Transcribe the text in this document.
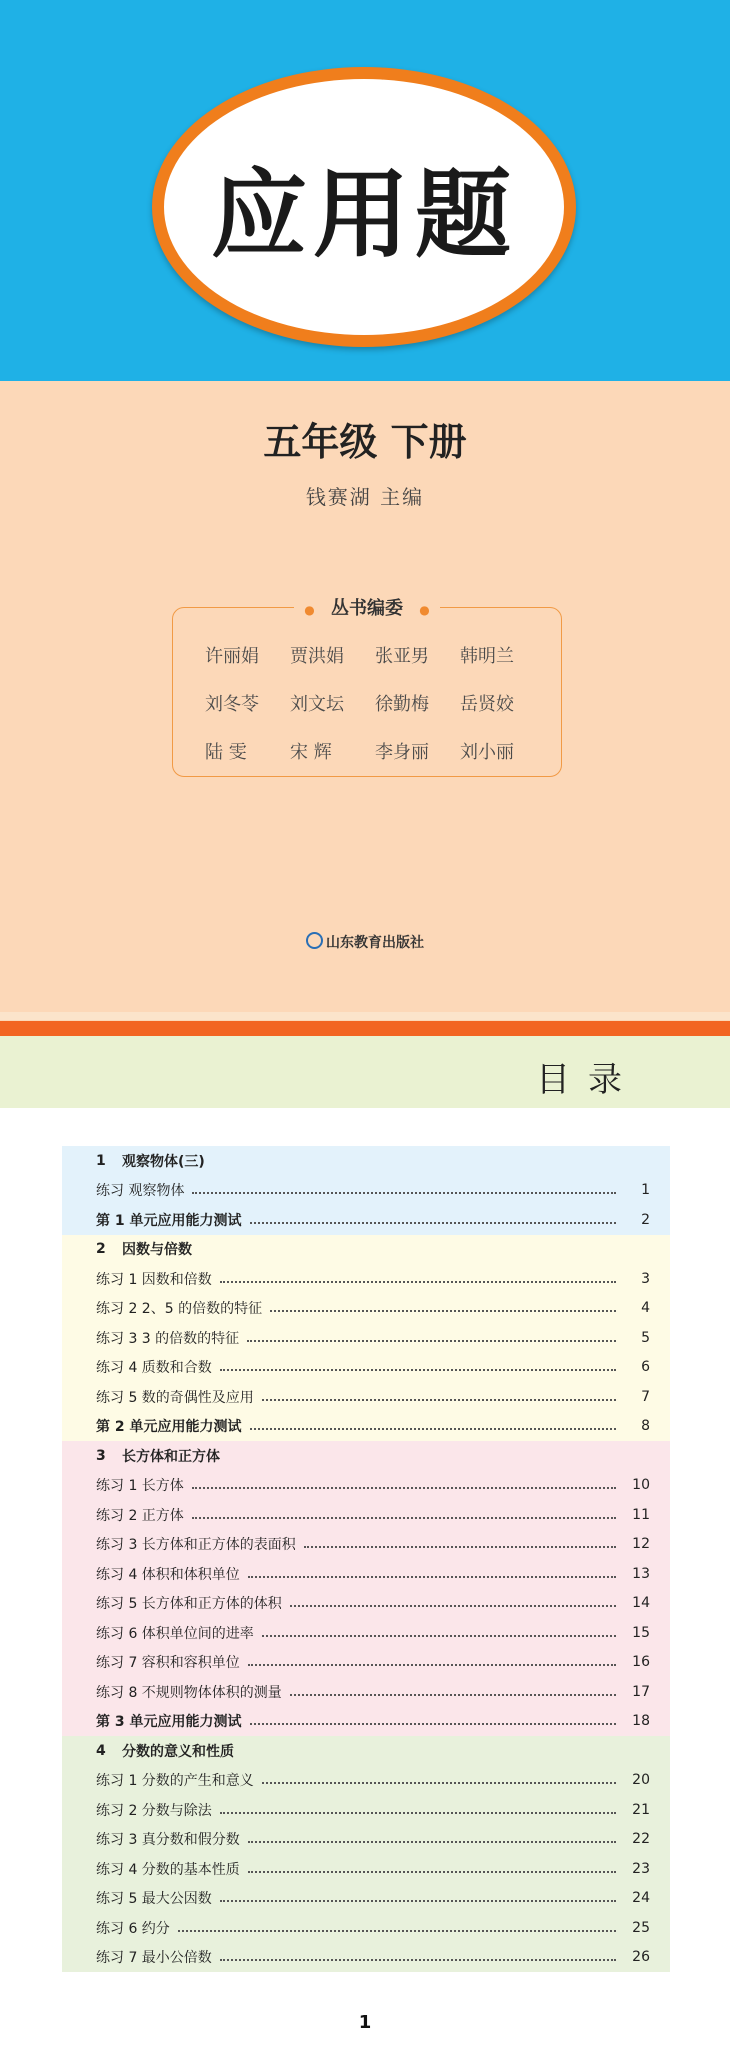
应用题
五年级 下册
钱赛湖 主编
● 丛书编委 ●
许丽娟	贾洪娟	张亚男	韩明兰
刘冬苓	刘文坛	徐勤梅	岳贤姣
陆 雯	宋 辉	李身丽	刘小丽
山东教育出版社
目录
1	观察物体(三)
练习 观察物体	1
第 1 单元应用能力测试	2
2	因数与倍数
练习 1 因数和倍数	3
练习 2 2、5 的倍数的特征	4
练习 3 3 的倍数的特征	5
练习 4 质数和合数	6
练习 5 数的奇偶性及应用	7
第 2 单元应用能力测试	8
3	长方体和正方体
练习 1 长方体	10
练习 2 正方体	11
练习 3 长方体和正方体的表面积	12
练习 4 体积和体积单位	13
练习 5 长方体和正方体的体积	14
练习 6 体积单位间的进率	15
练习 7 容积和容积单位	16
练习 8 不规则物体体积的测量	17
第 3 单元应用能力测试	18
4	分数的意义和性质
练习 1 分数的产生和意义	20
练习 2 分数与除法	21
练习 3 真分数和假分数	22
练习 4 分数的基本性质	23
练习 5 最大公因数	24
练习 6 约分	25
练习 7 最小公倍数	26
1
